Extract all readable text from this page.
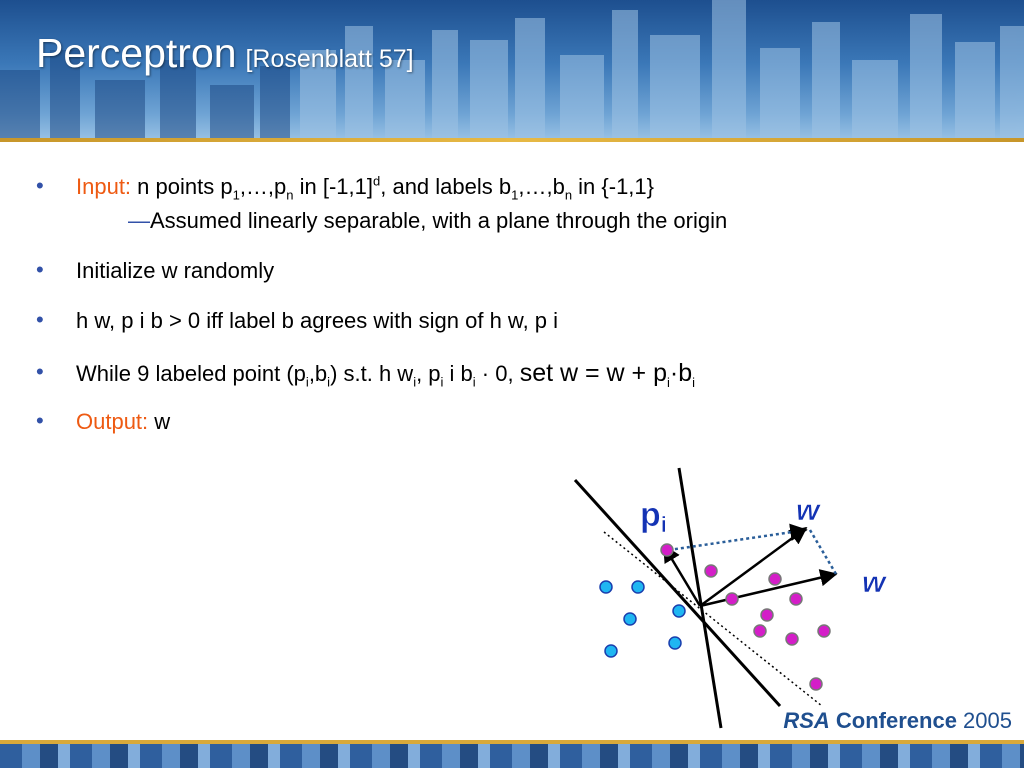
Perceptron [Rosenblatt 57]
• Input: n points $p_1,\dots,p_n$ in $[-1,1]^d$, and labels $b_1,\dots,b_n$ in {-1,1}
—Assumed linearly separable, with a plane through the origin
• Initialize w randomly
• h w, p i b > 0 iff label b agrees with sign of h w, p i
• While 9 labeled point $(p_i,b_i)$ s.t. h $w_i$, $p_i$ i $b_i \cdot 0$, set $w = w + p_i\cdot b_i$
• Output: w
pi	w
w
RSA Conference 2005
